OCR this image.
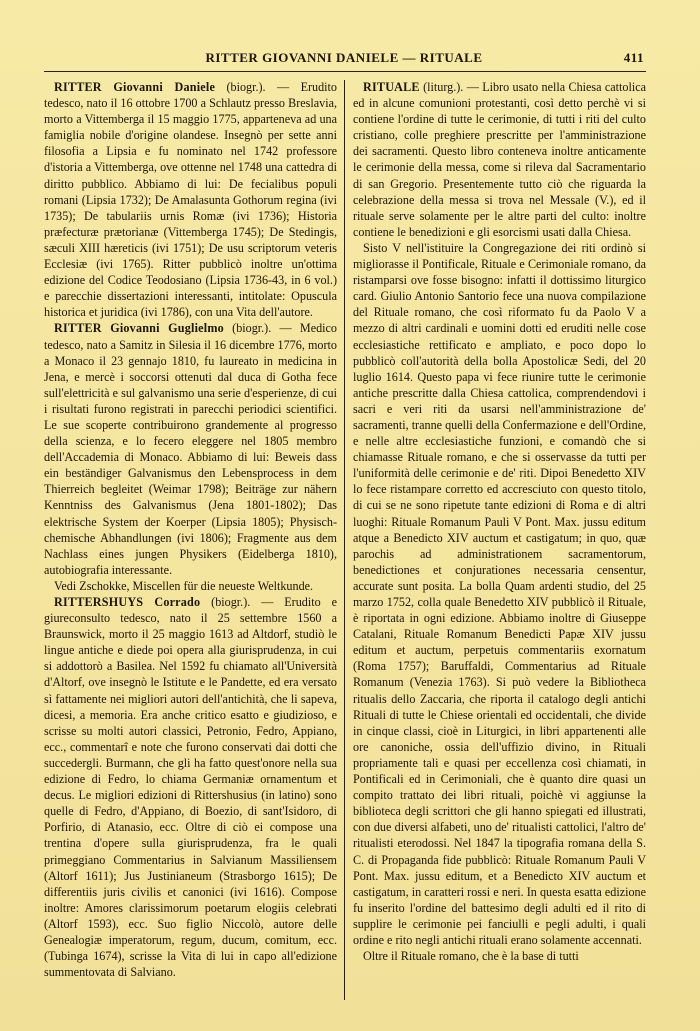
RITTER GIOVANNI DANIELE — RITUALE	411

RITTER Giovanni Daniele (biogr.). — Erudito tedesco, nato il 16 ottobre 1700 a Schlautz presso Breslavia, morto a Vittemberga il 15 maggio 1775, apparteneva ad una famiglia nobile d'origine olandese. Insegnò per sette anni filosofia a Lipsia e fu nominato nel 1742 professore d'istoria a Vittemberga, ove ottenne nel 1748 una cattedra di diritto pubblico. Abbiamo di lui: De fecialibus populi romani (Lipsia 1732); De Amalasunta Gothorum regina (ivi 1735); De tabulariis urnis Romæ (ivi 1736); Historia præfecturæ prætorianæ (Vittemberga 1745); De Stedingis, sæculi XIII hæreticis (ivi 1751); De usu scriptorum veteris Ecclesiæ (ivi 1765). Ritter pubblicò inoltre un'ottima edizione del Codice Teodosiano (Lipsia 1736-43, in 6 vol.) e parecchie dissertazioni interessanti, intitolate: Opuscula historica et juridica (ivi 1786), con una Vita dell'autore.

RITTER Giovanni Guglielmo (biogr.). — Medico tedesco, nato a Samitz in Silesia il 16 dicembre 1776, morto a Monaco il 23 gennajo 1810, fu laureato in medicina in Jena, e mercè i soccorsi ottenuti dal duca di Gotha fece sull'elettricità e sul galvanismo una serie d'esperienze, di cui i risultati furono registrati in parecchi periodici scientifici. Le sue scoperte contribuirono grandemente al progresso della scienza, e lo fecero eleggere nel 1805 membro dell'Accademia di Monaco. Abbiamo di lui: Beweis dass ein beständiger Galvanismus den Lebensprocess in dem Thierreich begleitet (Weimar 1798); Beiträge zur nähern Kenntniss des Galvanismus (Jena 1801-1802); Das elektrische System der Koerper (Lipsia 1805); Physisch-chemische Abhandlungen (ivi 1806); Fragmente aus dem Nachlass eines jungen Physikers (Eidelberga 1810), autobiografia interessante.

Vedi Zschokke, Miscellen für die neueste Weltkunde.

RITTERSHUYS Corrado (biogr.). — Erudito e giureconsulto tedesco, nato il 25 settembre 1560 a Braunswick, morto il 25 maggio 1613 ad Altdorf, studiò le lingue antiche e diede poi opera alla giurisprudenza, in cui si addottorò a Basilea. Nel 1592 fu chiamato all'Università d'Altorf, ove insegnò le Istitute e le Pandette, ed era versato sì fattamente nei migliori autori dell'antichità, che li sapeva, dicesi, a memoria. Era anche critico esatto e giudizioso, e scrisse su molti autori classici, Petronio, Fedro, Appiano, ecc., commentarî e note che furono conservati dai dotti che succedergli. Burmann, che gli ha fatto quest'onore nella sua edizione di Fedro, lo chiama Germaniæ ornamentum et decus. Le migliori edizioni di Rittershusius (in latino) sono quelle di Fedro, d'Appiano, di Boezio, di sant'Isidoro, di Porfirio, di Atanasio, ecc. Oltre di ciò ei compose una trentina d'opere sulla giurisprudenza, fra le quali primeggiano Commentarius in Salvianum Massiliensem (Altorf 1611); Jus Justinianeum (Strasborgo 1615); De differentiis juris civilis et canonici (ivi 1616). Compose inoltre: Amores clarissimorum poetarum elogiis celebrati (Altorf 1593), ecc. Suo figlio Niccolò, autore delle Genealogiæ imperatorum, regum, ducum, comitum, ecc. (Tubinga 1674), scrisse la Vita di lui in capo all'edizione summentovata di Salviano.

RITUALE (liturg.). — Libro usato nella Chiesa cattolica ed in alcune comunioni protestanti, così detto perchè vi si contiene l'ordine di tutte le cerimonie, di tutti i riti del culto cristiano, colle preghiere prescritte per l'amministrazione dei sacramenti. Questo libro conteneva inoltre anticamente le cerimonie della messa, come si rileva dal Sacramentario di san Gregorio. Presentemente tutto ciò che riguarda la celebrazione della messa si trova nel Messale (V.), ed il rituale serve solamente per le altre parti del culto: inoltre contiene le benedizioni e gli esorcismi usati dalla Chiesa.

Sisto V nell'istituire la Congregazione dei riti ordinò si migliorasse il Pontificale, Rituale e Cerimoniale romano, da ristamparsi ove fosse bisogno: infatti il dottissimo liturgico card. Giulio Antonio Santorio fece una nuova compilazione del Rituale romano, che così riformato fu da Paolo V a mezzo di altri cardinali e uomini dotti ed eruditi nelle cose ecclesiastiche rettificato e ampliato, e poco dopo lo pubblicò coll'autorità della bolla Apostolicæ Sedi, del 20 luglio 1614. Questo papa vi fece riunire tutte le cerimonie antiche prescritte dalla Chiesa cattolica, comprendendovi i sacri e veri riti da usarsi nell'amministrazione de' sacramenti, tranne quelli della Confermazione e dell'Ordine, e nelle altre ecclesiastiche funzioni, e comandò che si chiamasse Rituale romano, e che si osservasse da tutti per l'uniformità delle cerimonie e de' riti. Dipoi Benedetto XIV lo fece ristampare corretto ed accresciuto con questo titolo, di cui se ne sono ripetute tante edizioni di Roma e di altri luoghi: Rituale Romanum Pauli V Pont. Max. jussu editum atque a Benedicto XIV auctum et castigatum; in quo, quæ parochis ad administrationem sacramentorum, benedictiones et conjurationes necessaria censentur, accurate sunt posita. La bolla Quam ardenti studio, del 25 marzo 1752, colla quale Benedetto XIV pubblicò il Rituale, è riportata in ogni edizione. Abbiamo inoltre di Giuseppe Catalani, Rituale Romanum Benedicti Papæ XIV jussu editum et auctum, perpetuis commentariis exornatum (Roma 1757); Baruffaldi, Commentarius ad Rituale Romanum (Venezia 1763). Si può vedere la Bibliotheca ritualis dello Zaccaria, che riporta il catalogo degli antichi Rituali di tutte le Chiese orientali ed occidentali, che divide in cinque classi, cioè in Liturgici, in libri appartenenti alle ore canoniche, ossia dell'uffizio divino, in Rituali propriamente tali e quasi per eccellenza così chiamati, in Pontificali ed in Cerimoniali, che è quanto dire quasi un compito trattato dei libri rituali, poichè vi aggiunse la biblioteca degli scrittori che gli hanno spiegati ed illustrati, con due diversi alfabeti, uno de' ritualisti cattolici, l'altro de' ritualisti eterodossi. Nel 1847 la tipografia romana della S. C. di Propaganda fide pubblicò: Rituale Romanum Pauli V Pont. Max. jussu editum, et a Benedicto XIV auctum et castigatum, in caratteri rossi e neri. In questa esatta edizione fu inserito l'ordine del battesimo degli adulti ed il rito di supplire le cerimonie pei fanciulli e pegli adulti, i quali ordine e rito negli antichi rituali erano solamente accennati.

Oltre il Rituale romano, che è la base di tutti
